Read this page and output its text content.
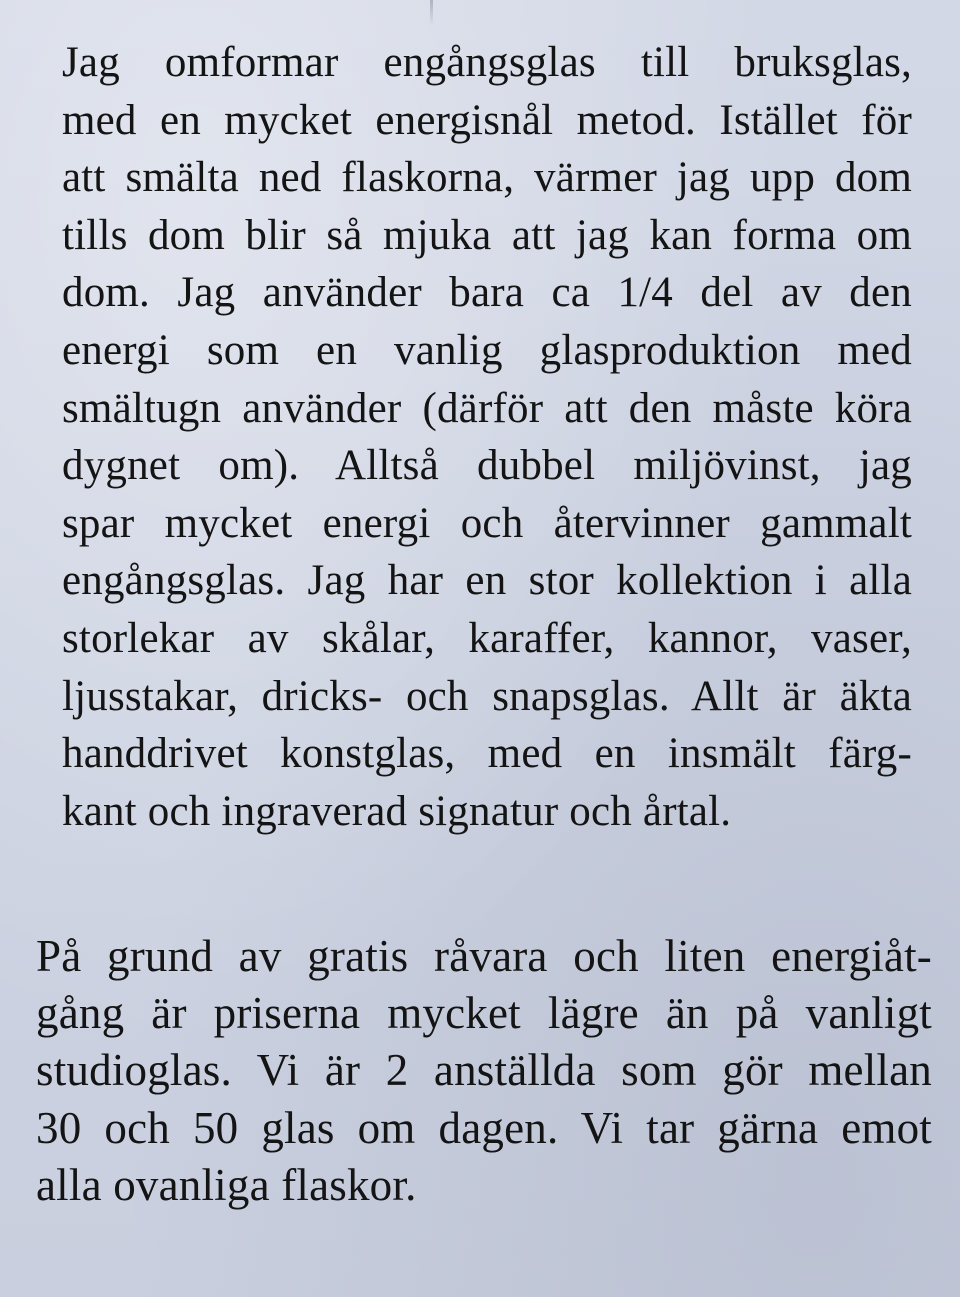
Jag omformar engångsglas till bruksglas,
med en mycket energisnål metod. Istället för
att smälta ned flaskorna, värmer jag upp dom
tills dom blir så mjuka att jag kan forma om
dom. Jag använder bara ca 1/4 del av den
energi som en vanlig glasproduktion med
smältugn använder (därför att den måste köra
dygnet om). Alltså dubbel miljövinst, jag
spar mycket energi och återvinner gammalt
engångsglas. Jag har en stor kollektion i alla
storlekar av skålar, karaffer, kannor, vaser,
ljusstakar, dricks- och snapsglas. Allt är äkta
handdrivet konstglas, med en insmält färg-
kant och ingraverad signatur och årtal.
På grund av gratis råvara och liten energiåt-
gång är priserna mycket lägre än på vanligt
studioglas. Vi är 2 anställda som gör mellan
30 och 50 glas om dagen. Vi tar gärna emot
alla ovanliga flaskor.
